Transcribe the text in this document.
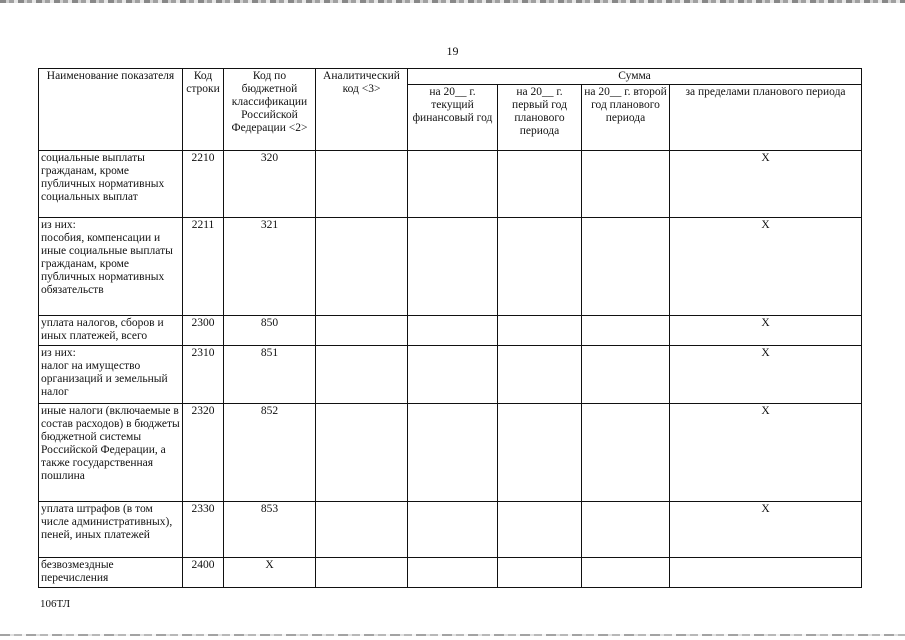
19
Наименование показателя	Код строки	Код по бюджетной классификации Российской Федерации <2>	Аналитический код <3>	Сумма			
				на 20__ г. текущий финансовый год	на 20__ г. первый год планового периода	на 20__ г. второй год планового периода	за пределами планового периода
социальные выплаты гражданам, кроме публичных нормативных социальных выплат	2210	320					X
из них:
пособия, компенсации и иные социальные выплаты гражданам, кроме публичных нормативных обязательств	2211	321					X
уплата налогов, сборов и иных платежей, всего	2300	850					X
из них:
налог на имущество организаций и земельный налог	2310	851					X
иные налоги (включаемые в состав расходов) в бюджеты бюджетной системы Российской Федерации, а также государственная пошлина	2320	852					X
уплата штрафов (в том числе административных), пеней, иных платежей	2330	853					X
безвозмездные перечисления	2400	X					
106ТЛ
